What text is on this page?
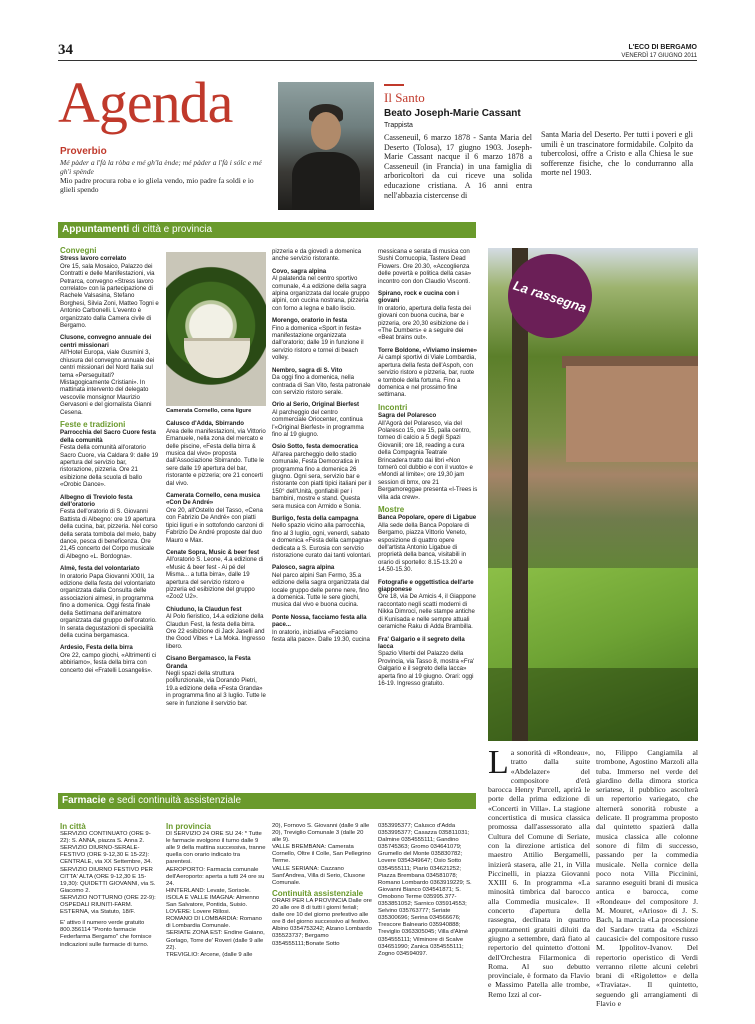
34	L'ECO DI BERGAMO
VENERDÌ 17 GIUGNO 2011
Agenda
Proverbio
Mé pàder a l'fà la ròba e mé gh'la ènde; mé pàder a l'fà i sólc e mé gh'i spènde
Mio padre procura roba e io gliela vendo, mio padre fa soldi e io glieli spendo
Il Santo
Beato Joseph-Marie Cassant
Trappista
Casseneuil, 6 marzo 1878 - Santa Maria del Deserto (Tolosa), 17 giugno 1903. Joseph-Marie Cassant nacque il 6 marzo 1878 a Casseneuil (in Francia) in una famiglia di arboricoltori da cui riceve una solida educazione cristiana. A 16 anni entra nell'abbazia cistercense di
Santa Maria del Deserto. Per tutti i poveri e gli umili è un trascinatore formidabile. Colpito da tubercolosi, offre a Cristo e alla Chiesa le sue sofferenze fisiche, che lo condurranno alla morte nel 1903.
Appuntamenti di città e provincia
Convegni
Stress lavoro correlato
Ore 15, sala Mosaico, Palazzo dei Contratti e delle Manifestazioni, via Petrarca, convegno «Stress lavoro correlato» con la partecipazione di Rachele Valsasina, Stefano Borghesi, Silvia Zoni, Matteo Togni e Antonio Carbonelli. L'evento è organizzato dalla Camera civile di Bergamo.
Clusone, convegno annuale dei centri missionari
All'Hotel Europa, viale Gusmini 3, chiusura del convegno annuale dei centri missionari del Nord Italia sul tema «Perseguitati? Mistagogicamente Cristiani». In mattinata intervento del delegato vescovile monsignor Maurizio Gervasoni e del giornalista Gianni Cesena.
Feste e tradizioni
Parrocchia del Sacro Cuore festa della comunità
Festa della comunità all'oratorio Sacro Cuore, via Caldara 9: dalle 19 apertura del servizio bar, ristorazione, pizzeria. Ore 21 esibizione della scuola di ballo «Orobic Dance».
Albegno di Treviolo festa dell'oratorio
Festa dell'oratorio di S. Giovanni Battista di Albegno: ore 19 apertura della cucina, bar, pizzeria. Nel corso della serata tombola del melo, baby dance, pesca di beneficenza. Ore 21,45 concerto del Corpo musicale di Albegno «L. Bordogna».
Almè, festa del volontariato
In oratorio Papa Giovanni XXIII, 1a edizione della festa del volontariato organizzata dalla Consulta delle associazioni almesi, in programma fino a domenica. Oggi festa finale della Settimana dell'animatore organizzata dal gruppo dell'oratorio. In serata degustazioni di specialità della cucina bergamasca.
Ardesio, Festa della birra
Ore 22, campo giochi, «Altrimenti ci abbiriamo», festa della birra con concerto dei «Fratelli Losangelis».
Camerata Cornello, cena ligure
Calusco d'Adda, Sbirrando
Area delle manifestazioni, via Vittorio Emanuele, nella zona del mercato e delle piscine, «Festa della birra & musica dal vivo» proposta dall'Associazione Sbirrando. Tutte le sere dalle 19 apertura del bar, ristorante e pizzeria; ore 21 concerti dal vivo.
Camerata Cornello, cena musica «Con De André»
Ore 20, all'Ostello del Tasso, «Cena con Fabrizio De André» con piatti tipici liguri e in sottofondo canzoni di Fabrizio De André proposte dal duo Mauro e Max.
Cenate Sopra, Music & beer fest
All'oratorio S. Leone, 4.a edizione di «Music & beer fest - Ai pé del Misma... a tutta birra», dalle 19 apertura del servizio ristoro e pizzeria ed esibizione del gruppo «Zoo2 U2».
Chiuduno, la Claudun fest
Al Polo fieristico, 14.a edizione della Claudun Fest, la festa della birra. Ore 22 esibizione di Jack Jaselli and the Good Vibes + La Moka. Ingresso libero.
Cisano Bergamasco, la Festa Granda
Negli spazi della struttura polifunzionale, via Dorando Pietri, 19.a edizione della «Festa Granda» in programma fino al 3 luglio. Tutte le sere in funzione il servizio bar.
pizzeria e da giovedì a domenica anche servizio ristorante.
Covo, sagra alpina
Al palatenda nel centro sportivo comunale, 4.a edizione della sagra alpina organizzata dal locale gruppo alpini, con cucina nostrana, pizzeria con forno a legna e ballo liscio.
Morengo, oratorio in festa
Fino a domenica «Sport in festa» manifestazione organizzata dall'oratorio; dalle 19 in funzione il servizio ristoro e tornei di beach volley.
Nembro, sagra di S. Vito
Da oggi fino a domenica, nella contrada di San Vito, festa patronale con servizio ristoro serale.
Orio al Serio, Original Bierfest
Al parcheggio del centro commerciale Oriocenter, continua l'«Original Bierfest» in programma fino al 19 giugno.
Osio Sotto, festa democratica
All'area parcheggio dello stadio comunale, Festa Democratica in programma fino a domenica 26 giugno. Ogni sera, servizio bar e ristorante con piatti tipici italiani per il 150° dell'Unità, gonfiabili per i bambini, mostre e stand. Questa sera musica con Armido e Sonia.
Burligo, festa della campagna
Nello spazio vicino alla parrocchia, fino al 3 luglio, ogni, venerdì, sabato e domenica «Festa della campagna» dedicata a S. Eurosia con servizio ristorazione curato dai tanti volontari.
Palosco, sagra alpina
Nel parco alpini San Fermo, 35.a edizione della sagra organizzata dal locale gruppo delle penne nere, fino a domenica. Tutte le sere giochi, musica dal vivo e buona cucina.
Ponte Nossa, facciamo festa alla pace...
In oratorio, iniziativa «Facciamo festa alla pace». Dalle 19.30, cucina
messicana e serata di musica con Sushi Cornucopia, Tastere Dead Flowers. Ore 20.30, «Accoglienza delle povertà e politica della casa» incontro con don Claudio Visconti.
Spirano, rock e cucina con i giovani
In oratorio, apertura della festa dei giovani con buona cucina, bar e pizzeria, ore 20,30 esibizione de i «The Dumbers» e a seguire dei «Beat brains out».
Torre Boldone, «Viviamo insieme»
Ai campi sportivi di Viale Lombardia, apertura della festa dell'Aspoh, con servizio ristoro e pizzeria, bar, ruote e tombole della fortuna. Fino a domenica e nel prossimo fine settimana.
Incontri
Sagra del Polaresco
All'Agorà del Polaresco, via del Polaresco 15, ore 15, palla centro, torneo di calcio a 5 degli Spazi Giovanili; ore 18, reading a cura della Compagnia Teatrale Brincadera tratto dai libri «Non tornerò col dubbio e con il vuoto» e «Mondi al limite»; ore 19,30 jam session di bmx, ore 21 Bergamoreggae presenta «I-Trees is villa ada crew».
Mostre
Banca Popolare, opere di Ligabue
Alla sede della Banca Popolare di Bergamo, piazza Vittorio Veneto, esposizione di quattro opere dell'artista Antonio Ligabue di proprietà della banca, visitabili in orario di sportello: 8.15-13.20 e 14.50-15.30.
Fotografie e oggettistica dell'arte giapponese
Ore 18, via De Amicis 4, il Giappone raccontato negli scatti moderni di Nikka Dimroci, nelle stampe antiche di Kunisada e nelle sempre attuali ceramiche Raku di Adda Brambilla.
Fra' Galgario e il segreto della lacca
Spazio Viterbi del Palazzo della Provincia, via Tasso 8, mostra «Fra' Galgario e il segreto della lacca» aperta fino al 19 giugno. Orari: oggi 16-19. Ingresso gratuito.
La rassegna
La sonorità di «Rondeau», tratto dalla suite «Abdelazer» del compositore d'età barocca Henry Purcell, aprirà le porte della prima edizione di «Concerti in Villa». La stagione concertistica di musica classica promossa dall'assessorato alla Cultura del Comune di Seriate, con la direzione artistica del maestro Attilio Bergamelli, inizierà stasera, alle 21, in Villa Piccinelli, in piazza Giovanni XXIII 6. In programma «La minosità timbrica dal barocco alla Commedia musicale». Il concerto d'apertura della rassegna, declinata in quattro appuntamenti gratuiti diluiti da giugno a settembre, darà fiato al repertorio del quintetto d'ottoni dell'Orchestra Filarmonica di Roma. Al suo debutto provinciale, è formato da Flavio e Massimo Patella alle trombe, Remo Izzi al cor-
no, Filippo Cangiamila al trombone, Agostino Marzoli alla tuba. Immerso nel verde del giardino della dimora storica seriatese, il pubblico ascolterà un repertorio variegato, che alternerà sonorità robuste a delicate. Il programma proposto dal quintetto spazierà dalla musica classica alle colonne sonore di film di successo, passando per la commedia musicale. Nella cornice della poco nota Villa Piccinini, saranno eseguiti brani di musica antica e barocca, come «Rondeau» del compositore J. M. Mouret, «Arioso» di J. S. Bach, la marcia «La processione del Sardar» tratta da «Schizzi caucasici» del compositore russo M. Ippolitov-Ivanov. Del repertorio operistico di Verdi verranno rilette alcuni celebri brani di «Rigoletto» e della «Traviata». Il quintetto, seguendo gli arrangiamenti di Flavio e
Farmacie e sedi continuità assistenziale
In città
SERVIZIO CONTINUATO (ORE 9-22): S. ANNA, piazza S. Anna 2.
SERVIZIO DIURNO-SERALE-FESTIVO (ORE 9-12,30 E 15-22): CENTRALE, via XX Settembre, 34.
SERVIZIO DIURNO FESTIVO PER CITTA' ALTA (ORE 9-12,30 E 15-19,30): QUIDETTI GIOVANNI, via S. Giacomo 2.
SERVIZIO NOTTURNO (ORE 22-9): OSPEDALI RIUNITI-FARM. ESTERNA, via Statuto, 18/F.
E' attivo il numero verde gratuito 800.356114 "Pronto farmacie Federfarma Bergamo" che fornisce indicazioni sulle farmacie di turno.
In provincia
DI SERVIZIO 24 ORE SU 24: * Tutte le farmacie svolgono il turno dalle 9 alle 9 della mattina successiva, tranne quella con orario indicato tra parentesi.
AEROPORTO: Farmacia comunale dell'Aeroporto: aperta a tutti 24 ore su 24.
HINTERLAND: Levate, Sorisole.
ISOLA E VALLE IMAGNA: Almenno San Salvatore, Pontida, Suisio.
LOVERE: Lovere Rillosi.
ROMANO DI LOMBARDIA: Romano di Lombardia Comunale.
SERIATE ZONA EST: Endine Gaiano, Gorlago, Torre de' Roveri (dalle 9 alle 22).
TREVIGLIO: Arcene, (dalle 9 alle
20), Fornovo S. Giovanni (dalle 9 alle 20), Treviglio Comunale 3 (dalle 20 alle 9).
VALLE BREMBANA: Camerata Cornello, Oltre il Colle, San Pellegrino Terme.
VALLE SERIANA: Cazzano Sant'Andrea, Villa di Serio, Clusone Comunale.
Continuità assistenziale
ORARI PER LA PROVINCIA Dalle ore 20 alle ore 8 di tutti i giorni feriali; dalle ore 10 del giorno prefestivo alle ore 8 del giorno successivo al festivo. Albino 0354753242; Alzano Lombardo 035523737; Bergamo 0354555111;Bonate Sotto
0353995377; Calusco d'Adda 0353995377; Casazza 035811031; Dalmine 0354555111; Gandino 035745363; Gromo 034641079; Grumello del Monte 035830782; Lovere 0354349647; Osio Sotto 0354555111; Piario 034621252; Piazza Brembana 034581078; Romano Lombardo 0363919229; S. Giovanni Bianco 034541871; S. Omobono Terme 035995.377-0353851052; Sarnico 035914553; Selvino 035763777; Seriate 035300696; Serina 034566676; Trescore Balneario 035940888; Treviglio 0363305045; Villa d'Almè 0354555111; Vilminore di Scalve 034651990; Zanica 0354555111; Zogno 034594097.
